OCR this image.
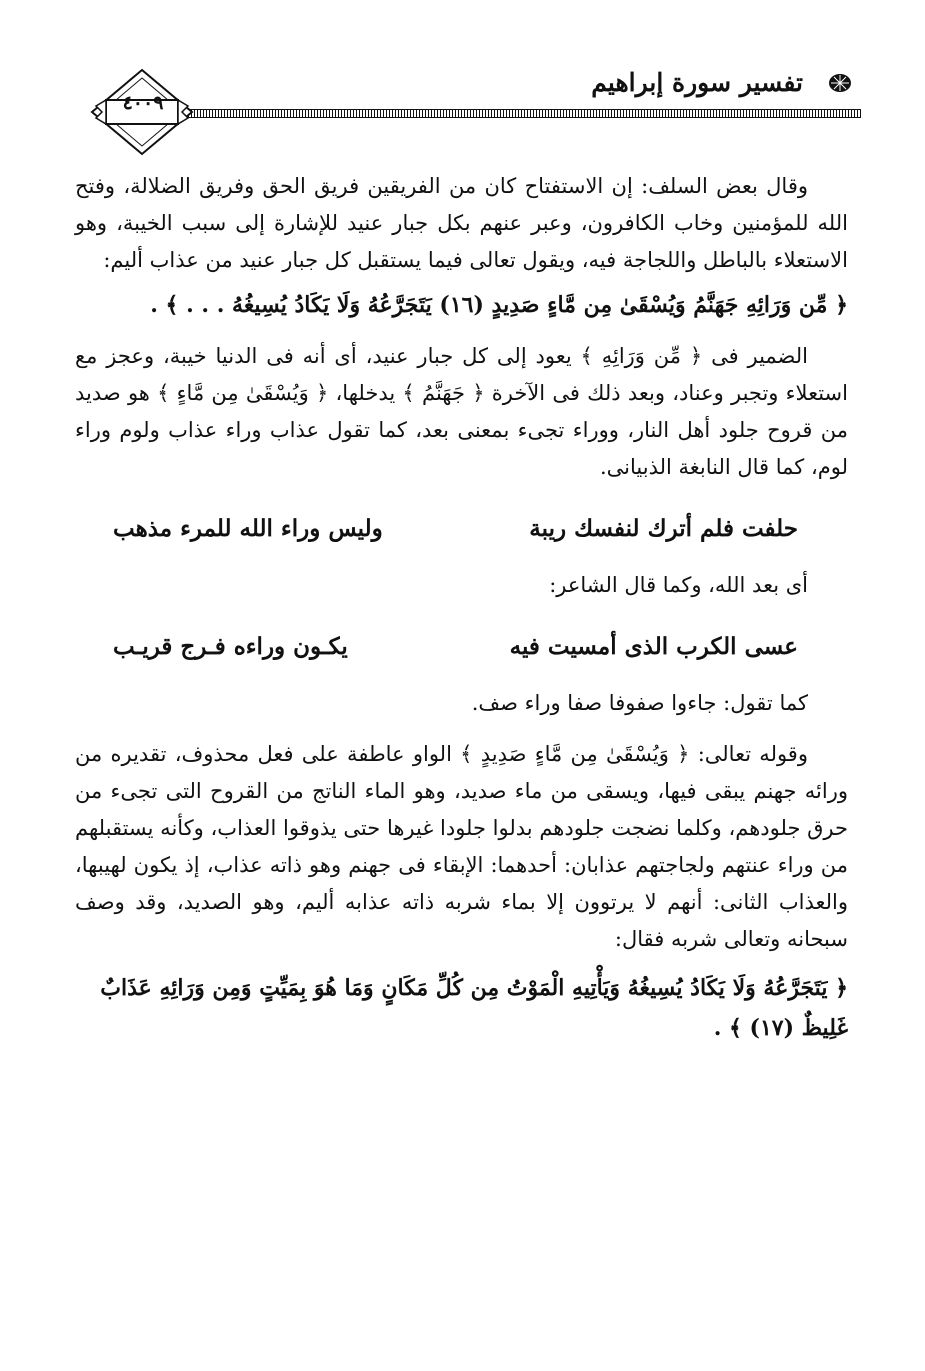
تفسير سورة إبراهيم
٤٠٠٩

وقال بعض السلف: إن الاستفتاح كان من الفريقين فريق الحق وفريق الضلالة، وفتح الله للمؤمنين وخاب الكافرون، وعبر عنهم بكل جبار عنيد للإشارة إلى سبب الخيبة، وهو الاستعلاء بالباطل واللجاجة فيه، ويقول تعالى فيما يستقبل كل جبار عنيد من عذاب أليم:

﴿ مِّن وَرَائِهِ جَهَنَّمُ وَيُسْقَىٰ مِن مَّاءٍ صَدِيدٍ (١٦) يَتَجَرَّعُهُ وَلَا يَكَادُ يُسِيغُهُ . . . ﴾ .

الضمير فى ﴿ مِّن وَرَائِهِ ﴾ يعود إلى كل جبار عنيد، أى أنه فى الدنيا خيبة، وعجز مع استعلاء وتجبر وعناد، وبعد ذلك فى الآخرة ﴿ جَهَنَّمُ ﴾ يدخلها، ﴿ وَيُسْقَىٰ مِن مَّاءٍ ﴾ هو صديد من قروح جلود أهل النار، ووراء تجىء بمعنى بعد، كما تقول عذاب وراء عذاب ولوم وراء لوم، كما قال النابغة الذبيانى.

حلفت فلم أترك لنفسك ريبة
وليس وراء الله للمرء مذهب

أى بعد الله، وكما قال الشاعر:

عسى الكرب الذى أمسيت فيه
يكـون وراءه فـرج قريـب

كما تقول: جاءوا صفوفا صفا وراء صف.

وقوله تعالى: ﴿ وَيُسْقَىٰ مِن مَّاءٍ صَدِيدٍ ﴾ الواو عاطفة على فعل محذوف، تقديره من ورائه جهنم يبقى فيها، ويسقى من ماء صديد، وهو الماء الناتج من القروح التى تجىء من حرق جلودهم، وكلما نضجت جلودهم بدلوا جلودا غيرها حتى يذوقوا العذاب، وكأنه يستقبلهم من وراء عنتهم ولجاجتهم عذابان: أحدهما: الإبقاء فى جهنم وهو ذاته عذاب، إذ يكون لهيبها، والعذاب الثانى: أنهم لا يرتوون إلا بماء شربه ذاته عذابه أليم، وهو الصديد، وقد وصف سبحانه وتعالى شربه فقال:

﴿ يَتَجَرَّعُهُ وَلَا يَكَادُ يُسِيغُهُ وَيَأْتِيهِ الْمَوْتُ مِن كُلِّ مَكَانٍ وَمَا هُوَ بِمَيِّتٍ وَمِن وَرَائِهِ عَذَابٌ غَلِيظٌ (١٧) ﴾ .
